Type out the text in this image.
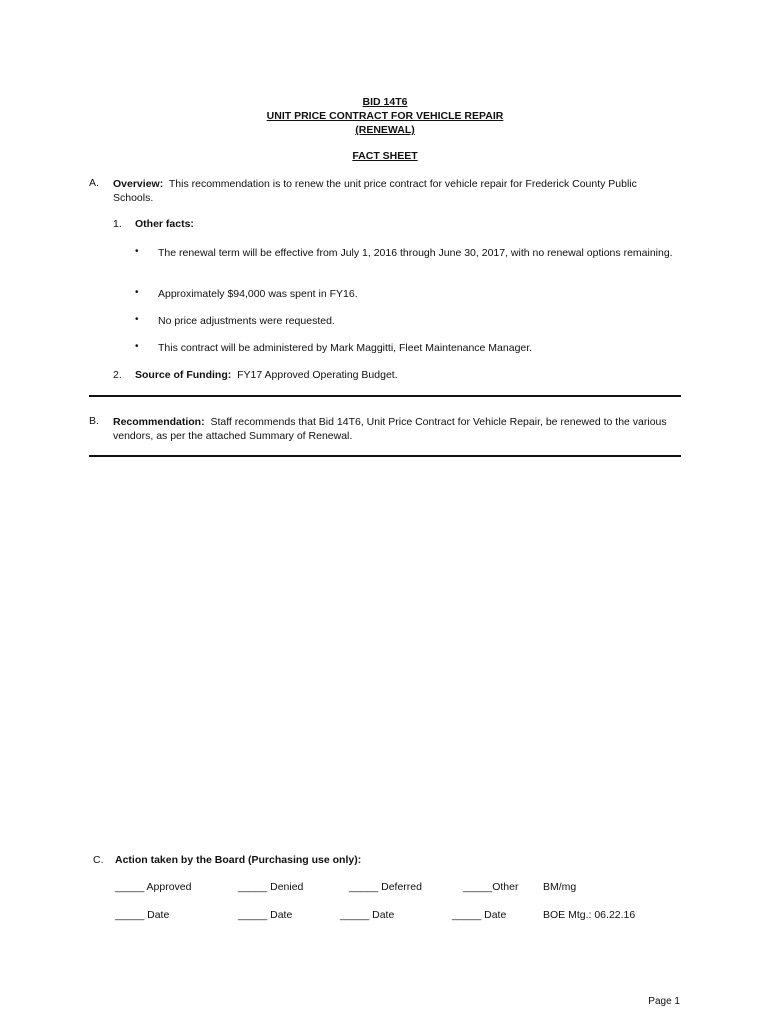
BID 14T6
UNIT PRICE CONTRACT FOR VEHICLE REPAIR
(RENEWAL)
FACT SHEET
A. Overview: This recommendation is to renew the unit price contract for vehicle repair for Frederick County Public Schools.
1. Other facts:
• The renewal term will be effective from July 1, 2016 through June 30, 2017, with no renewal options remaining.
• Approximately $94,000 was spent in FY16.
• No price adjustments were requested.
• This contract will be administered by Mark Maggitti, Fleet Maintenance Manager.
2. Source of Funding: FY17 Approved Operating Budget.
B. Recommendation: Staff recommends that Bid 14T6, Unit Price Contract for Vehicle Repair, be renewed to the various vendors, as per the attached Summary of Renewal.
C. Action taken by the Board (Purchasing use only):
_____ Approved	_____ Denied	_____ Deferred	_____Other BM/mg
_____ Date	_____ Date	_____ Date	_____ Date	BOE Mtg.: 06.22.16
Page 1
